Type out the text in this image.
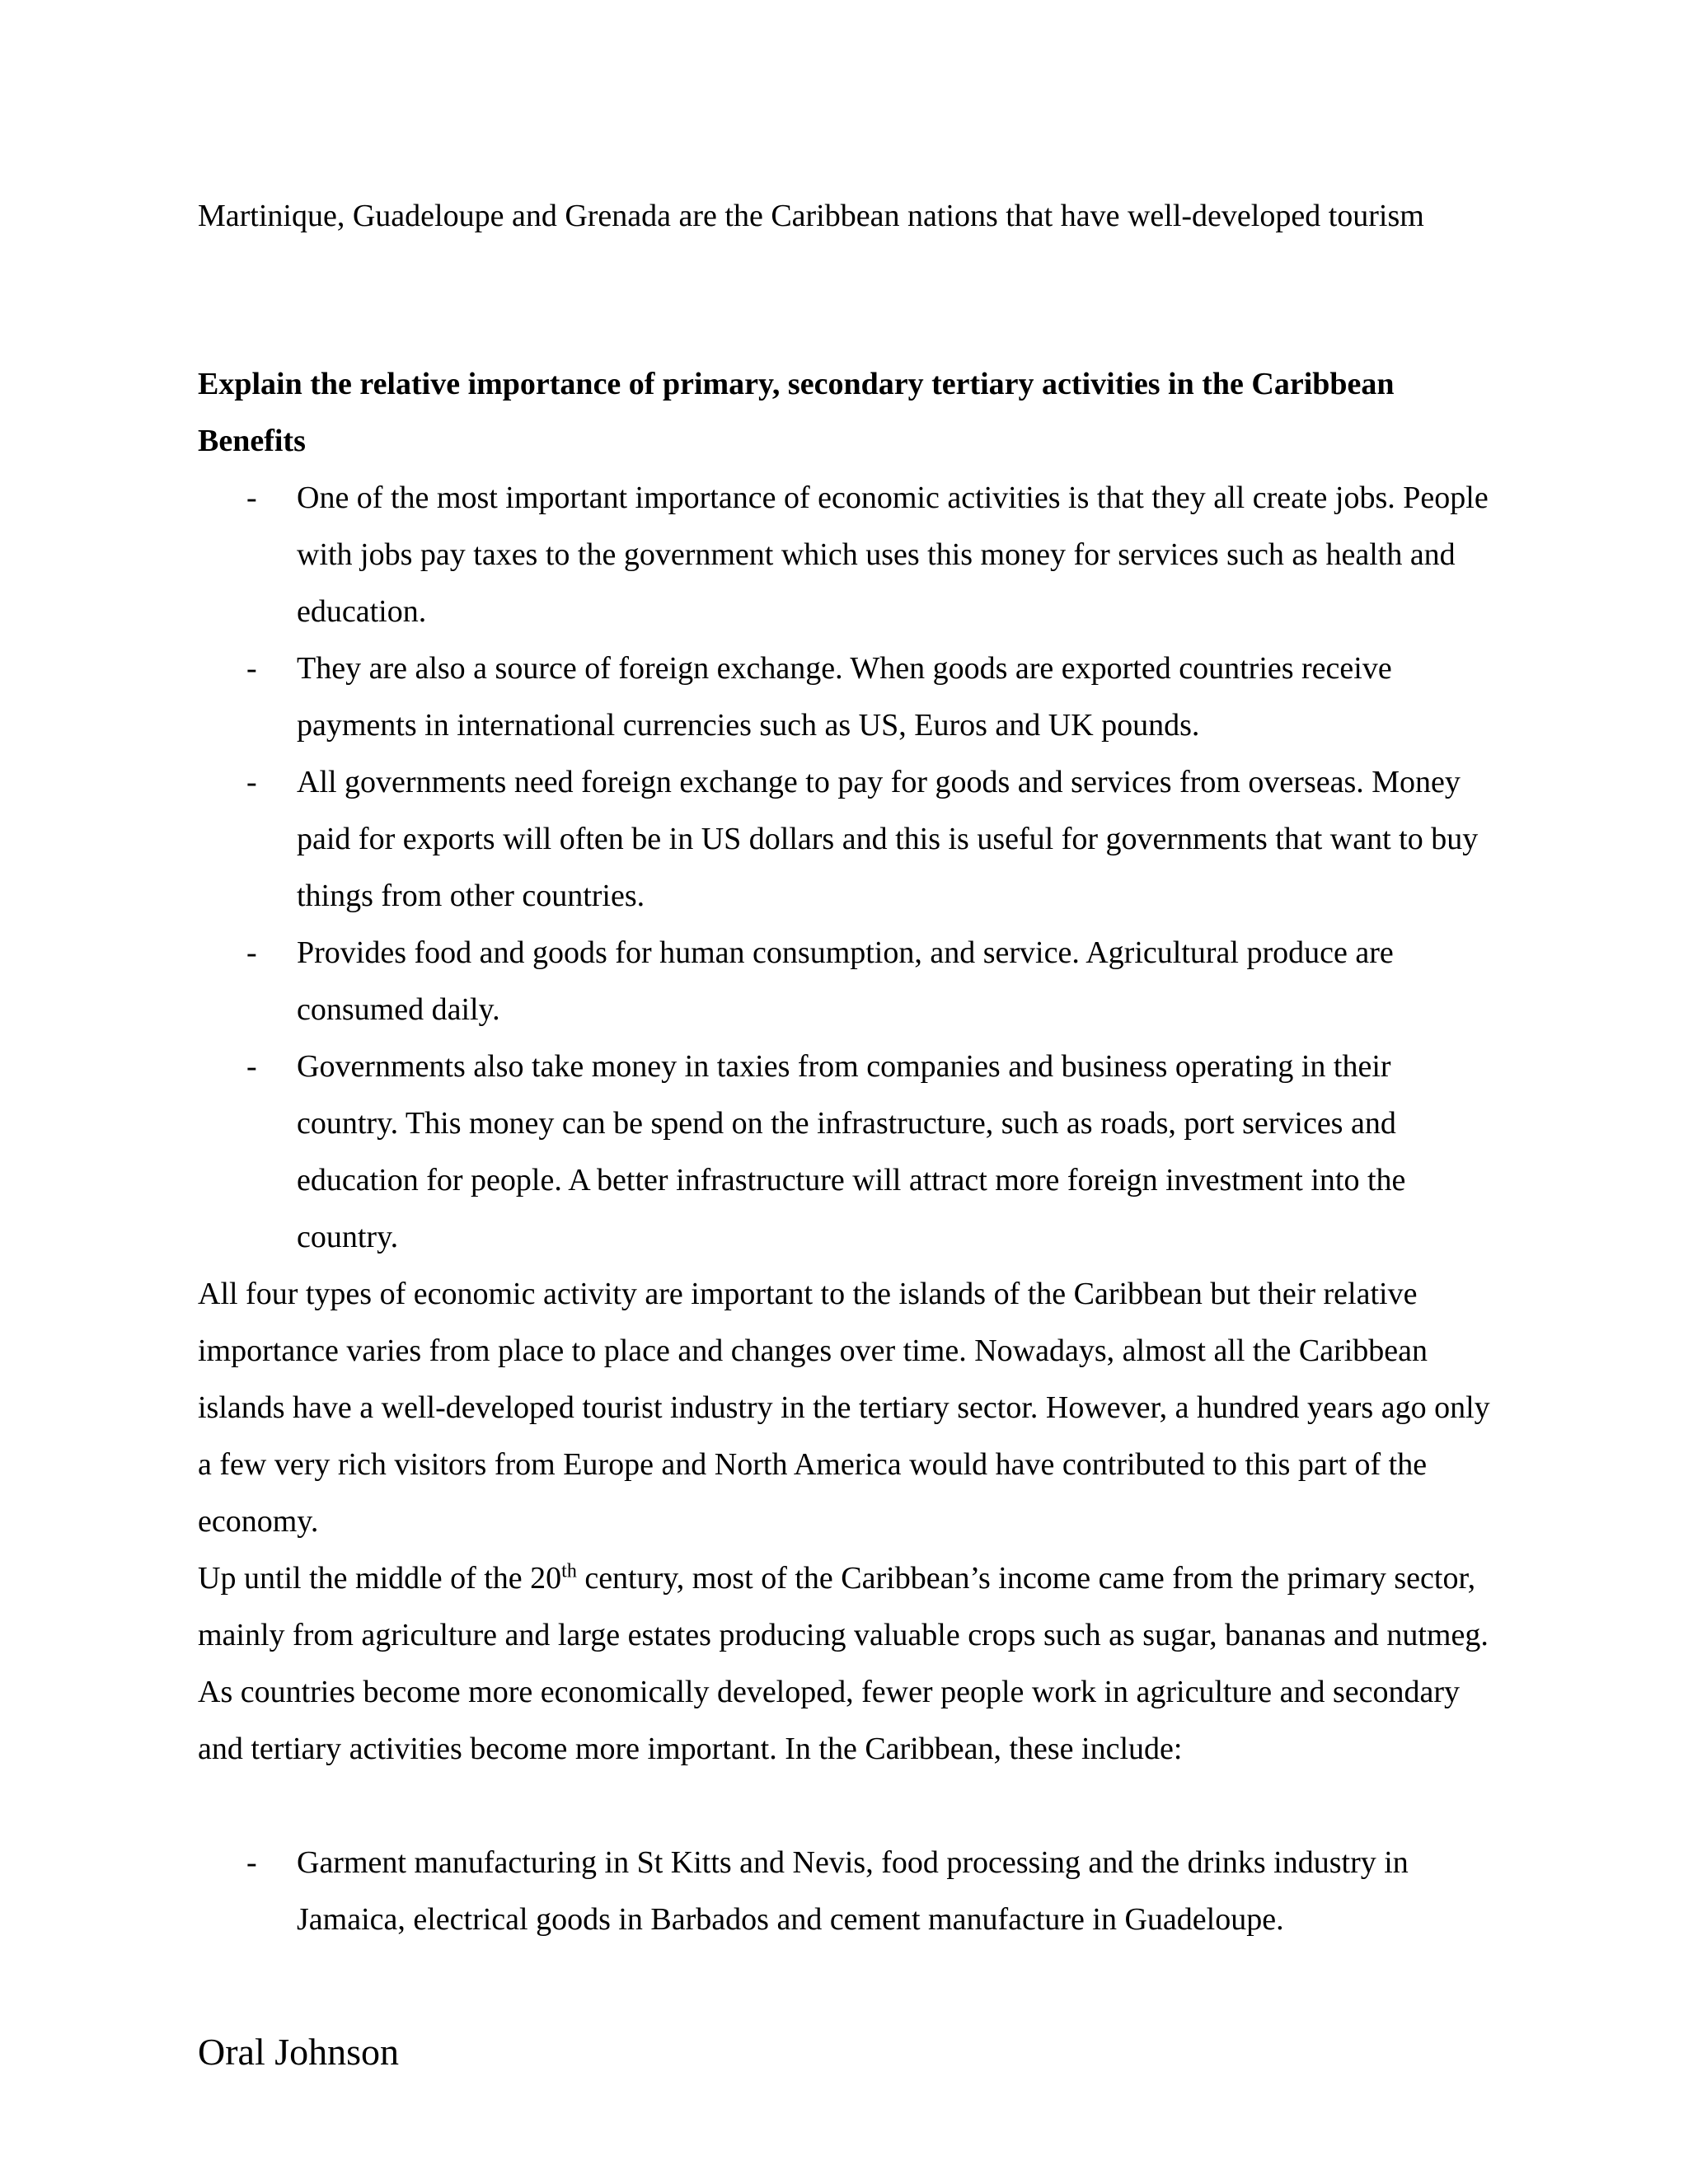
Martinique, Guadeloupe and Grenada are the Caribbean nations that have well-developed tourism

Explain the relative importance of primary, secondary tertiary activities in the Caribbean

Benefits

- One of the most important importance of economic activities is that they all create jobs. People with jobs pay taxes to the government which uses this money for services such as health and education.
- They are also a source of foreign exchange. When goods are exported countries receive payments in international currencies such as US, Euros and UK pounds.
- All governments need foreign exchange to pay for goods and services from overseas. Money paid for exports will often be in US dollars and this is useful for governments that want to buy things from other countries.
- Provides food and goods for human consumption, and service. Agricultural produce are consumed daily.
- Governments also take money in taxies from companies and business operating in their country. This money can be spend on the infrastructure, such as roads, port services and education for people. A better infrastructure will attract more foreign investment into the country.

All four types of economic activity are important to the islands of the Caribbean but their relative importance varies from place to place and changes over time. Nowadays, almost all the Caribbean islands have a well-developed tourist industry in the tertiary sector. However, a hundred years ago only a few very rich visitors from Europe and North America would have contributed to this part of the economy.

Up until the middle of the 20th century, most of the Caribbean’s income came from the primary sector, mainly from agriculture and large estates producing valuable crops such as sugar, bananas and nutmeg. As countries become more economically developed, fewer people work in agriculture and secondary and tertiary activities become more important. In the Caribbean, these include:

- Garment manufacturing in St Kitts and Nevis, food processing and the drinks industry in Jamaica, electrical goods in Barbados and cement manufacture in Guadeloupe.

Oral Johnson
